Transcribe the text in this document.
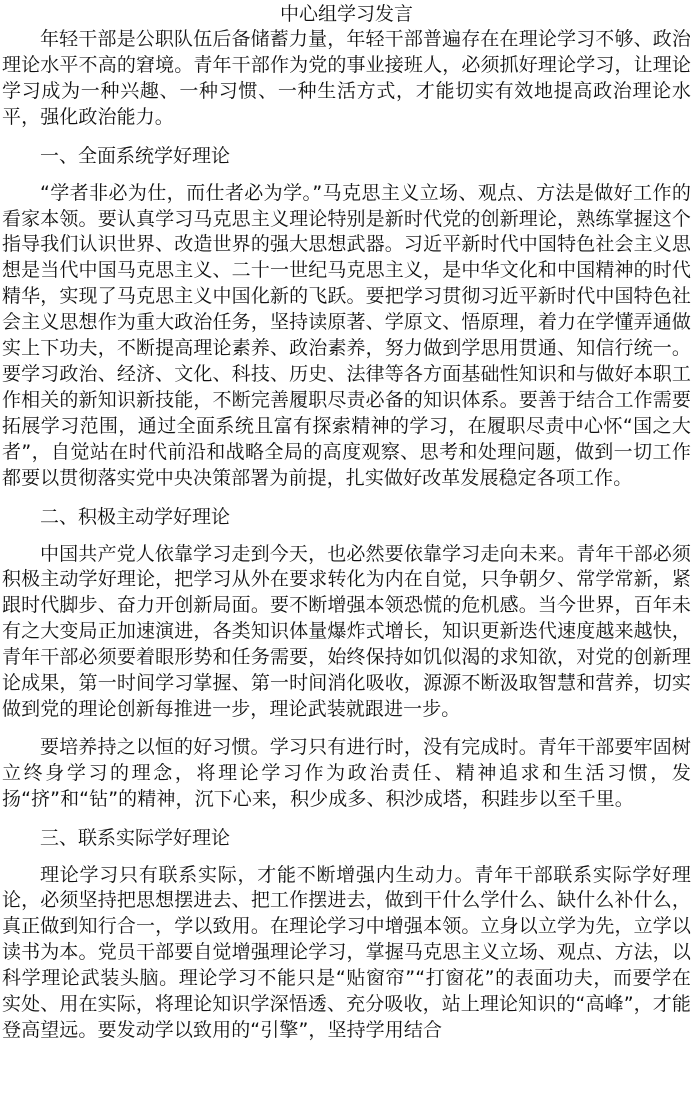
中心组学习发言

年轻干部是公职队伍后备储蓄力量，年轻干部普遍存在在理论学习不够、政治理论水平不高的窘境。青年干部作为党的事业接班人，必须抓好理论学习，让理论学习成为一种兴趣、一种习惯、一种生活方式，才能切实有效地提高政治理论水平，强化政治能力。

一、全面系统学好理论

“学者非必为仕，而仕者必为学。”马克思主义立场、观点、方法是做好工作的看家本领。要认真学习马克思主义理论特别是新时代党的创新理论，熟练掌握这个指导我们认识世界、改造世界的强大思想武器。习近平新时代中国特色社会主义思想是当代中国马克思主义、二十一世纪马克思主义，是中华文化和中国精神的时代精华，实现了马克思主义中国化新的飞跃。要把学习贯彻习近平新时代中国特色社会主义思想作为重大政治任务，坚持读原著、学原文、悟原理，着力在学懂弄通做实上下功夫，不断提高理论素养、政治素养，努力做到学思用贯通、知信行统一。要学习政治、经济、文化、科技、历史、法律等各方面基础性知识和与做好本职工作相关的新知识新技能，不断完善履职尽责必备的知识体系。要善于结合工作需要拓展学习范围，通过全面系统且富有探索精神的学习，在履职尽责中心怀“国之大者”，自觉站在时代前沿和战略全局的高度观察、思考和处理问题，做到一切工作都要以贯彻落实党中央决策部署为前提，扎实做好改革发展稳定各项工作。

二、积极主动学好理论

中国共产党人依靠学习走到今天，也必然要依靠学习走向未来。青年干部必须积极主动学好理论，把学习从外在要求转化为内在自觉，只争朝夕、常学常新，紧跟时代脚步、奋力开创新局面。要不断增强本领恐慌的危机感。当今世界，百年未有之大变局正加速演进，各类知识体量爆炸式增长，知识更新迭代速度越来越快，青年干部必须要着眼形势和任务需要，始终保持如饥似渴的求知欲，对党的创新理论成果，第一时间学习掌握、第一时间消化吸收，源源不断汲取智慧和营养，切实做到党的理论创新每推进一步，理论武装就跟进一步。

要培养持之以恒的好习惯。学习只有进行时，没有完成时。青年干部要牢固树立终身学习的理念，将理论学习作为政治责任、精神追求和生活习惯，发扬“挤”和“钻”的精神，沉下心来，积少成多、积沙成塔，积跬步以至千里。

三、联系实际学好理论

理论学习只有联系实际，才能不断增强内生动力。青年干部联系实际学好理论，必须坚持把思想摆进去、把工作摆进去，做到干什么学什么、缺什么补什么，真正做到知行合一，学以致用。在理论学习中增强本领。立身以立学为先，立学以读书为本。党员干部要自觉增强理论学习，掌握马克思主义立场、观点、方法，以科学理论武装头脑。理论学习不能只是“贴窗帘”“打窗花”的表面功夫，而要学在实处、用在实际，将理论知识学深悟透、充分吸收，站上理论知识的“高峰”，才能登高望远。要发动学以致用的“引擎”，坚持学用结合
